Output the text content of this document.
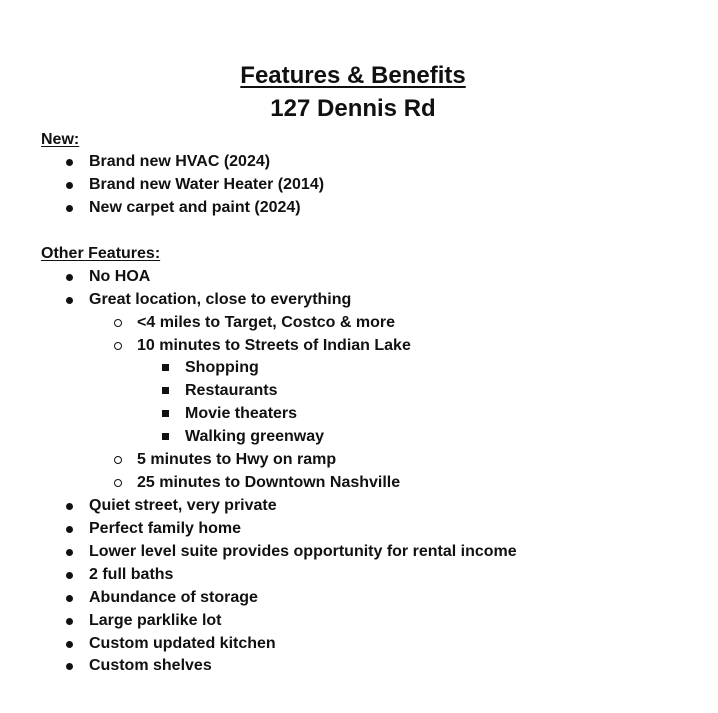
Features & Benefits
127 Dennis Rd
New:
Brand new HVAC (2024)
Brand new Water Heater (2014)
New carpet and paint (2024)
Other Features:
No HOA
Great location, close to everything
<4 miles to Target, Costco & more
10 minutes to Streets of Indian Lake
Shopping
Restaurants
Movie theaters
Walking greenway
5 minutes to Hwy on ramp
25 minutes to Downtown Nashville
Quiet street, very private
Perfect family home
Lower level suite provides opportunity for rental income
2 full baths
Abundance of storage
Large parklike lot
Custom updated kitchen
Custom shelves
